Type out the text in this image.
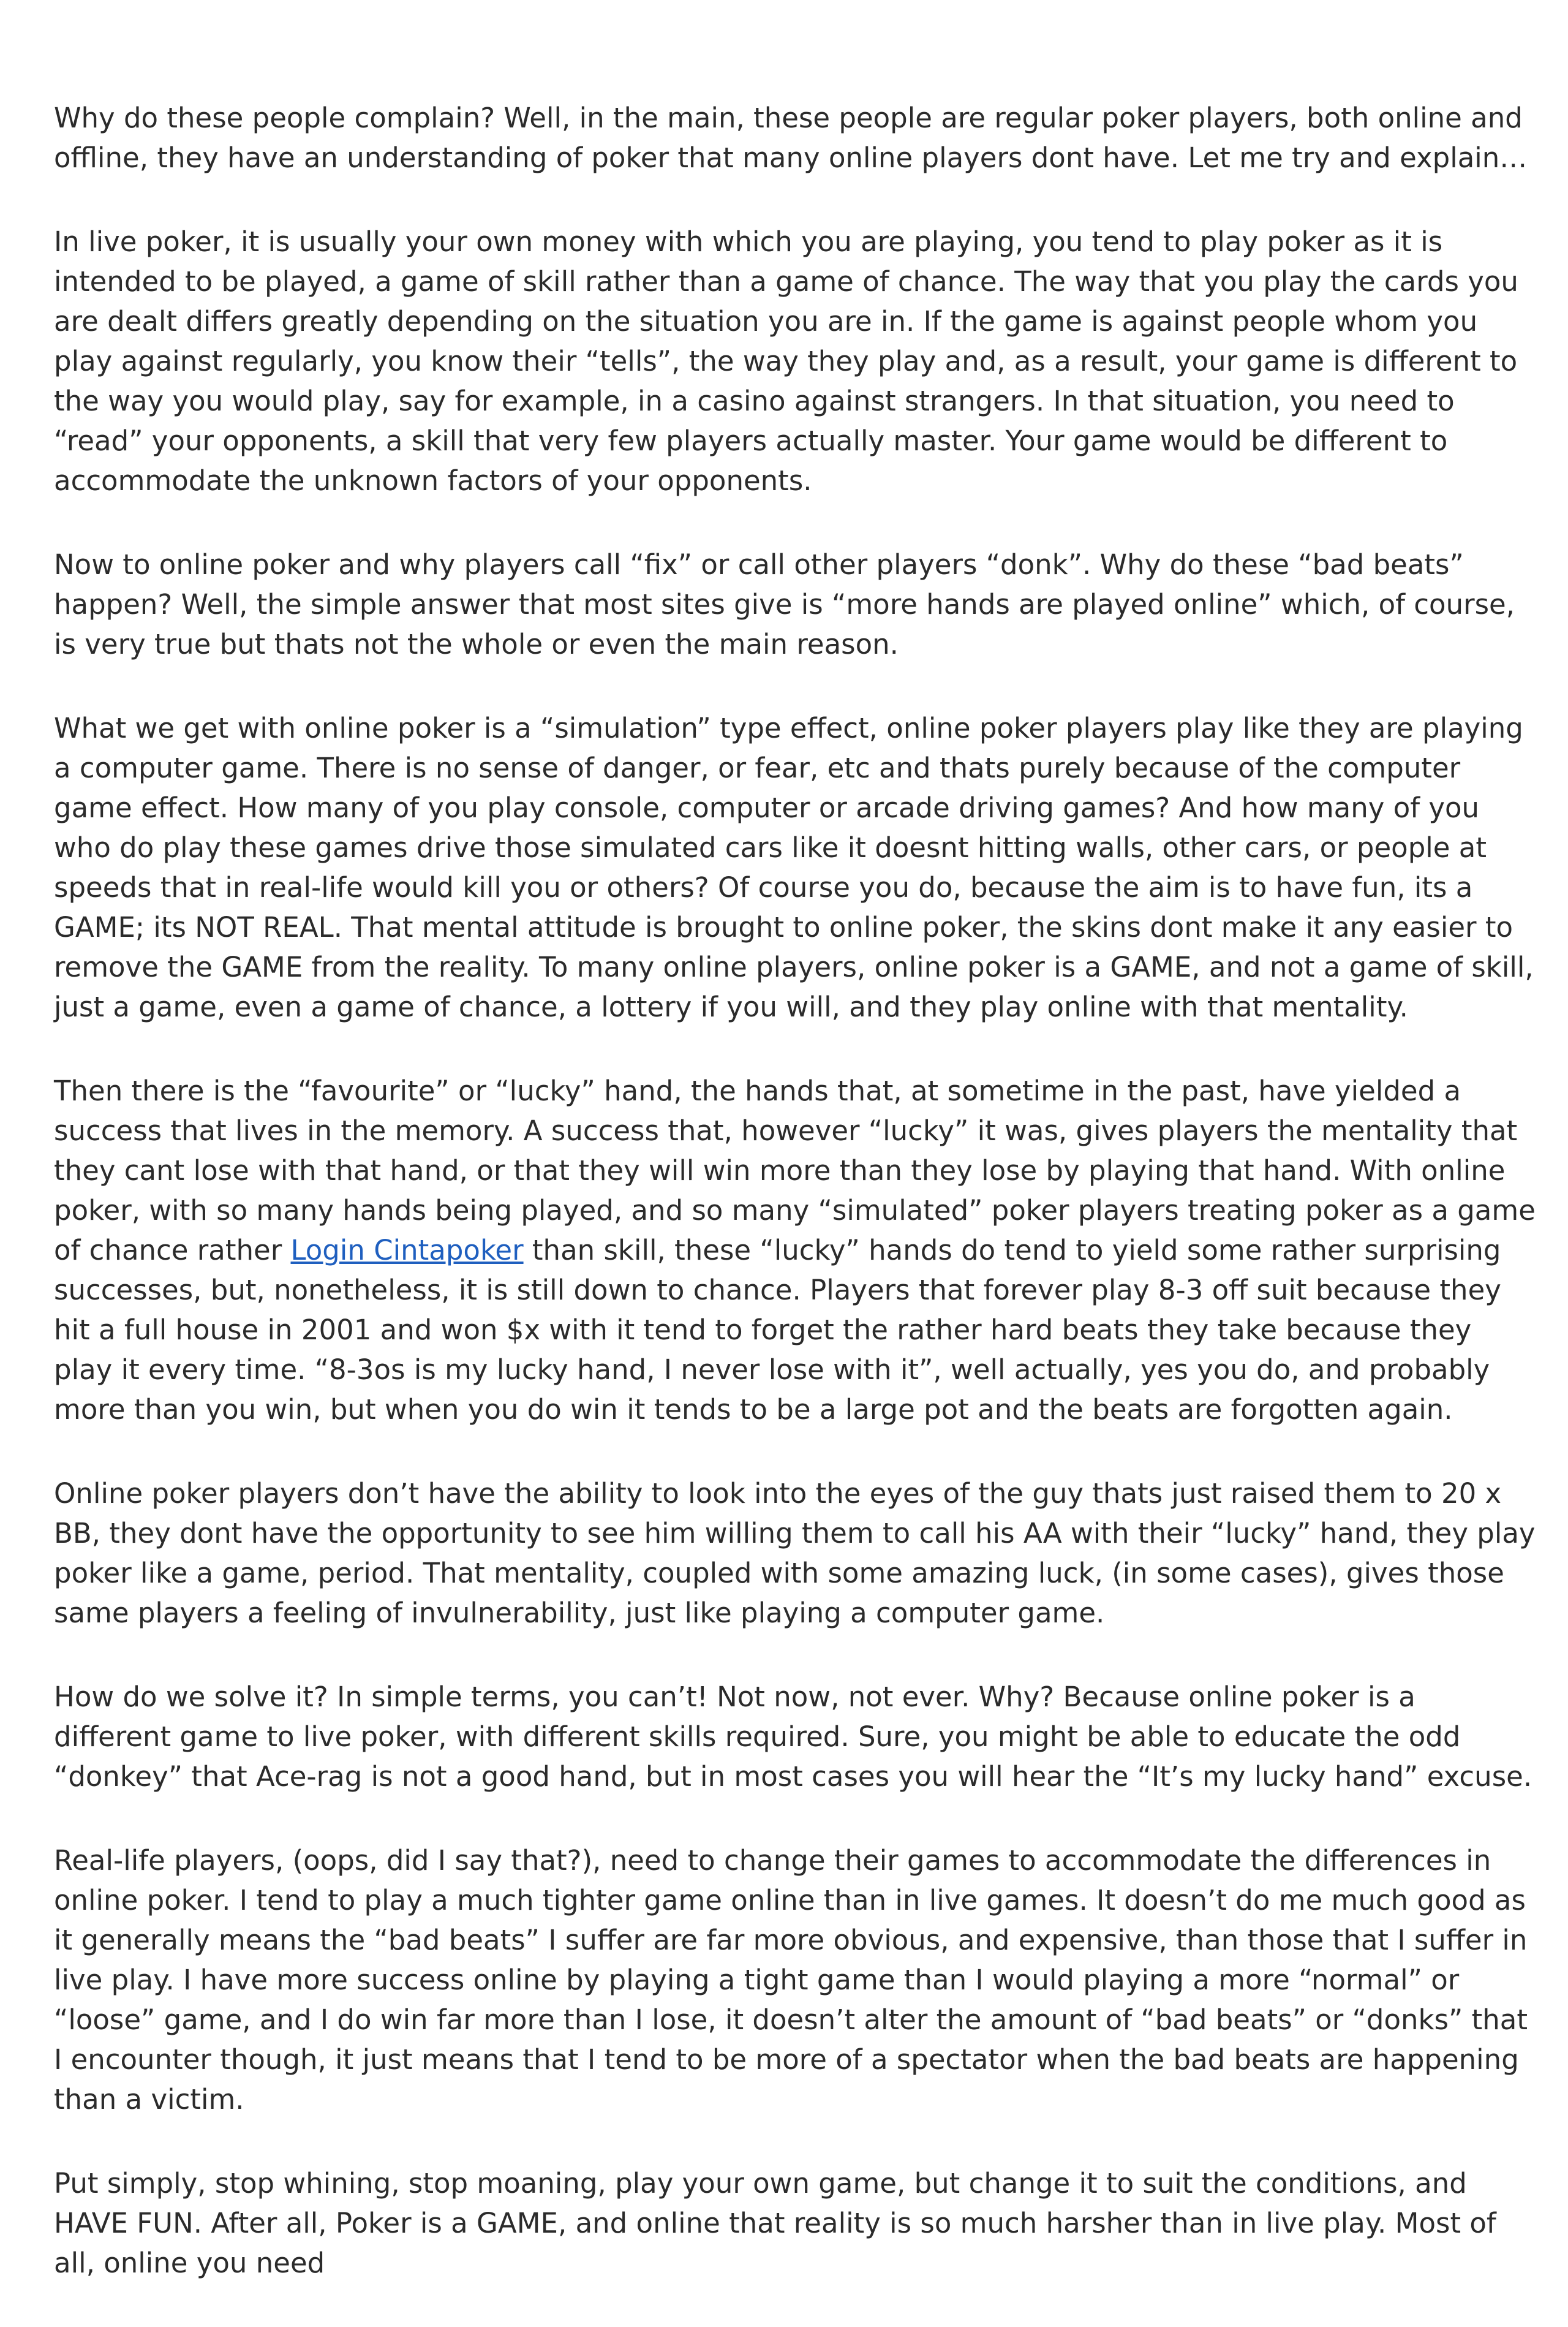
Why do these people complain? Well, in the main, these people are regular poker players, both online and offline, they have an understanding of poker that many online players dont have. Let me try and explain…

In live poker, it is usually your own money with which you are playing, you tend to play poker as it is intended to be played, a game of skill rather than a game of chance. The way that you play the cards you are dealt differs greatly depending on the situation you are in. If the game is against people whom you play against regularly, you know their “tells”, the way they play and, as a result, your game is different to the way you would play, say for example, in a casino against strangers. In that situation, you need to “read” your opponents, a skill that very few players actually master. Your game would be different to accommodate the unknown factors of your opponents.

Now to online poker and why players call “fix” or call other players “donk”. Why do these “bad beats” happen? Well, the simple answer that most sites give is “more hands are played online” which, of course, is very true but thats not the whole or even the main reason.

What we get with online poker is a “simulation” type effect, online poker players play like they are playing a computer game. There is no sense of danger, or fear, etc and thats purely because of the computer game effect. How many of you play console, computer or arcade driving games? And how many of you who do play these games drive those simulated cars like it doesnt hitting walls, other cars, or people at speeds that in real-life would kill you or others? Of course you do, because the aim is to have fun, its a GAME; its NOT REAL. That mental attitude is brought to online poker, the skins dont make it any easier to remove the GAME from the reality. To many online players, online poker is a GAME, and not a game of skill, just a game, even a game of chance, a lottery if you will, and they play online with that mentality.

Then there is the “favourite” or “lucky” hand, the hands that, at sometime in the past, have yielded a success that lives in the memory. A success that, however “lucky” it was, gives players the mentality that they cant lose with that hand, or that they will win more than they lose by playing that hand. With online poker, with so many hands being played, and so many “simulated” poker players treating poker as a game of chance rather Login Cintapoker than skill, these “lucky” hands do tend to yield some rather surprising successes, but, nonetheless, it is still down to chance. Players that forever play 8-3 off suit because they hit a full house in 2001 and won $x with it tend to forget the rather hard beats they take because they play it every time. “8-3os is my lucky hand, I never lose with it”, well actually, yes you do, and probably more than you win, but when you do win it tends to be a large pot and the beats are forgotten again.

Online poker players don’t have the ability to look into the eyes of the guy thats just raised them to 20 x BB, they dont have the opportunity to see him willing them to call his AA with their “lucky” hand, they play poker like a game, period. That mentality, coupled with some amazing luck, (in some cases), gives those same players a feeling of invulnerability, just like playing a computer game.

How do we solve it? In simple terms, you can’t! Not now, not ever. Why? Because online poker is a different game to live poker, with different skills required. Sure, you might be able to educate the odd “donkey” that Ace-rag is not a good hand, but in most cases you will hear the “It’s my lucky hand” excuse.

Real-life players, (oops, did I say that?), need to change their games to accommodate the differences in online poker. I tend to play a much tighter game online than in live games. It doesn’t do me much good as it generally means the “bad beats” I suffer are far more obvious, and expensive, than those that I suffer in live play. I have more success online by playing a tight game than I would playing a more “normal” or “loose” game, and I do win far more than I lose, it doesn’t alter the amount of “bad beats” or “donks” that I encounter though, it just means that I tend to be more of a spectator when the bad beats are happening than a victim.

Put simply, stop whining, stop moaning, play your own game, but change it to suit the conditions, and HAVE FUN. After all, Poker is a GAME, and online that reality is so much harsher than in live play. Most of all, online you need
